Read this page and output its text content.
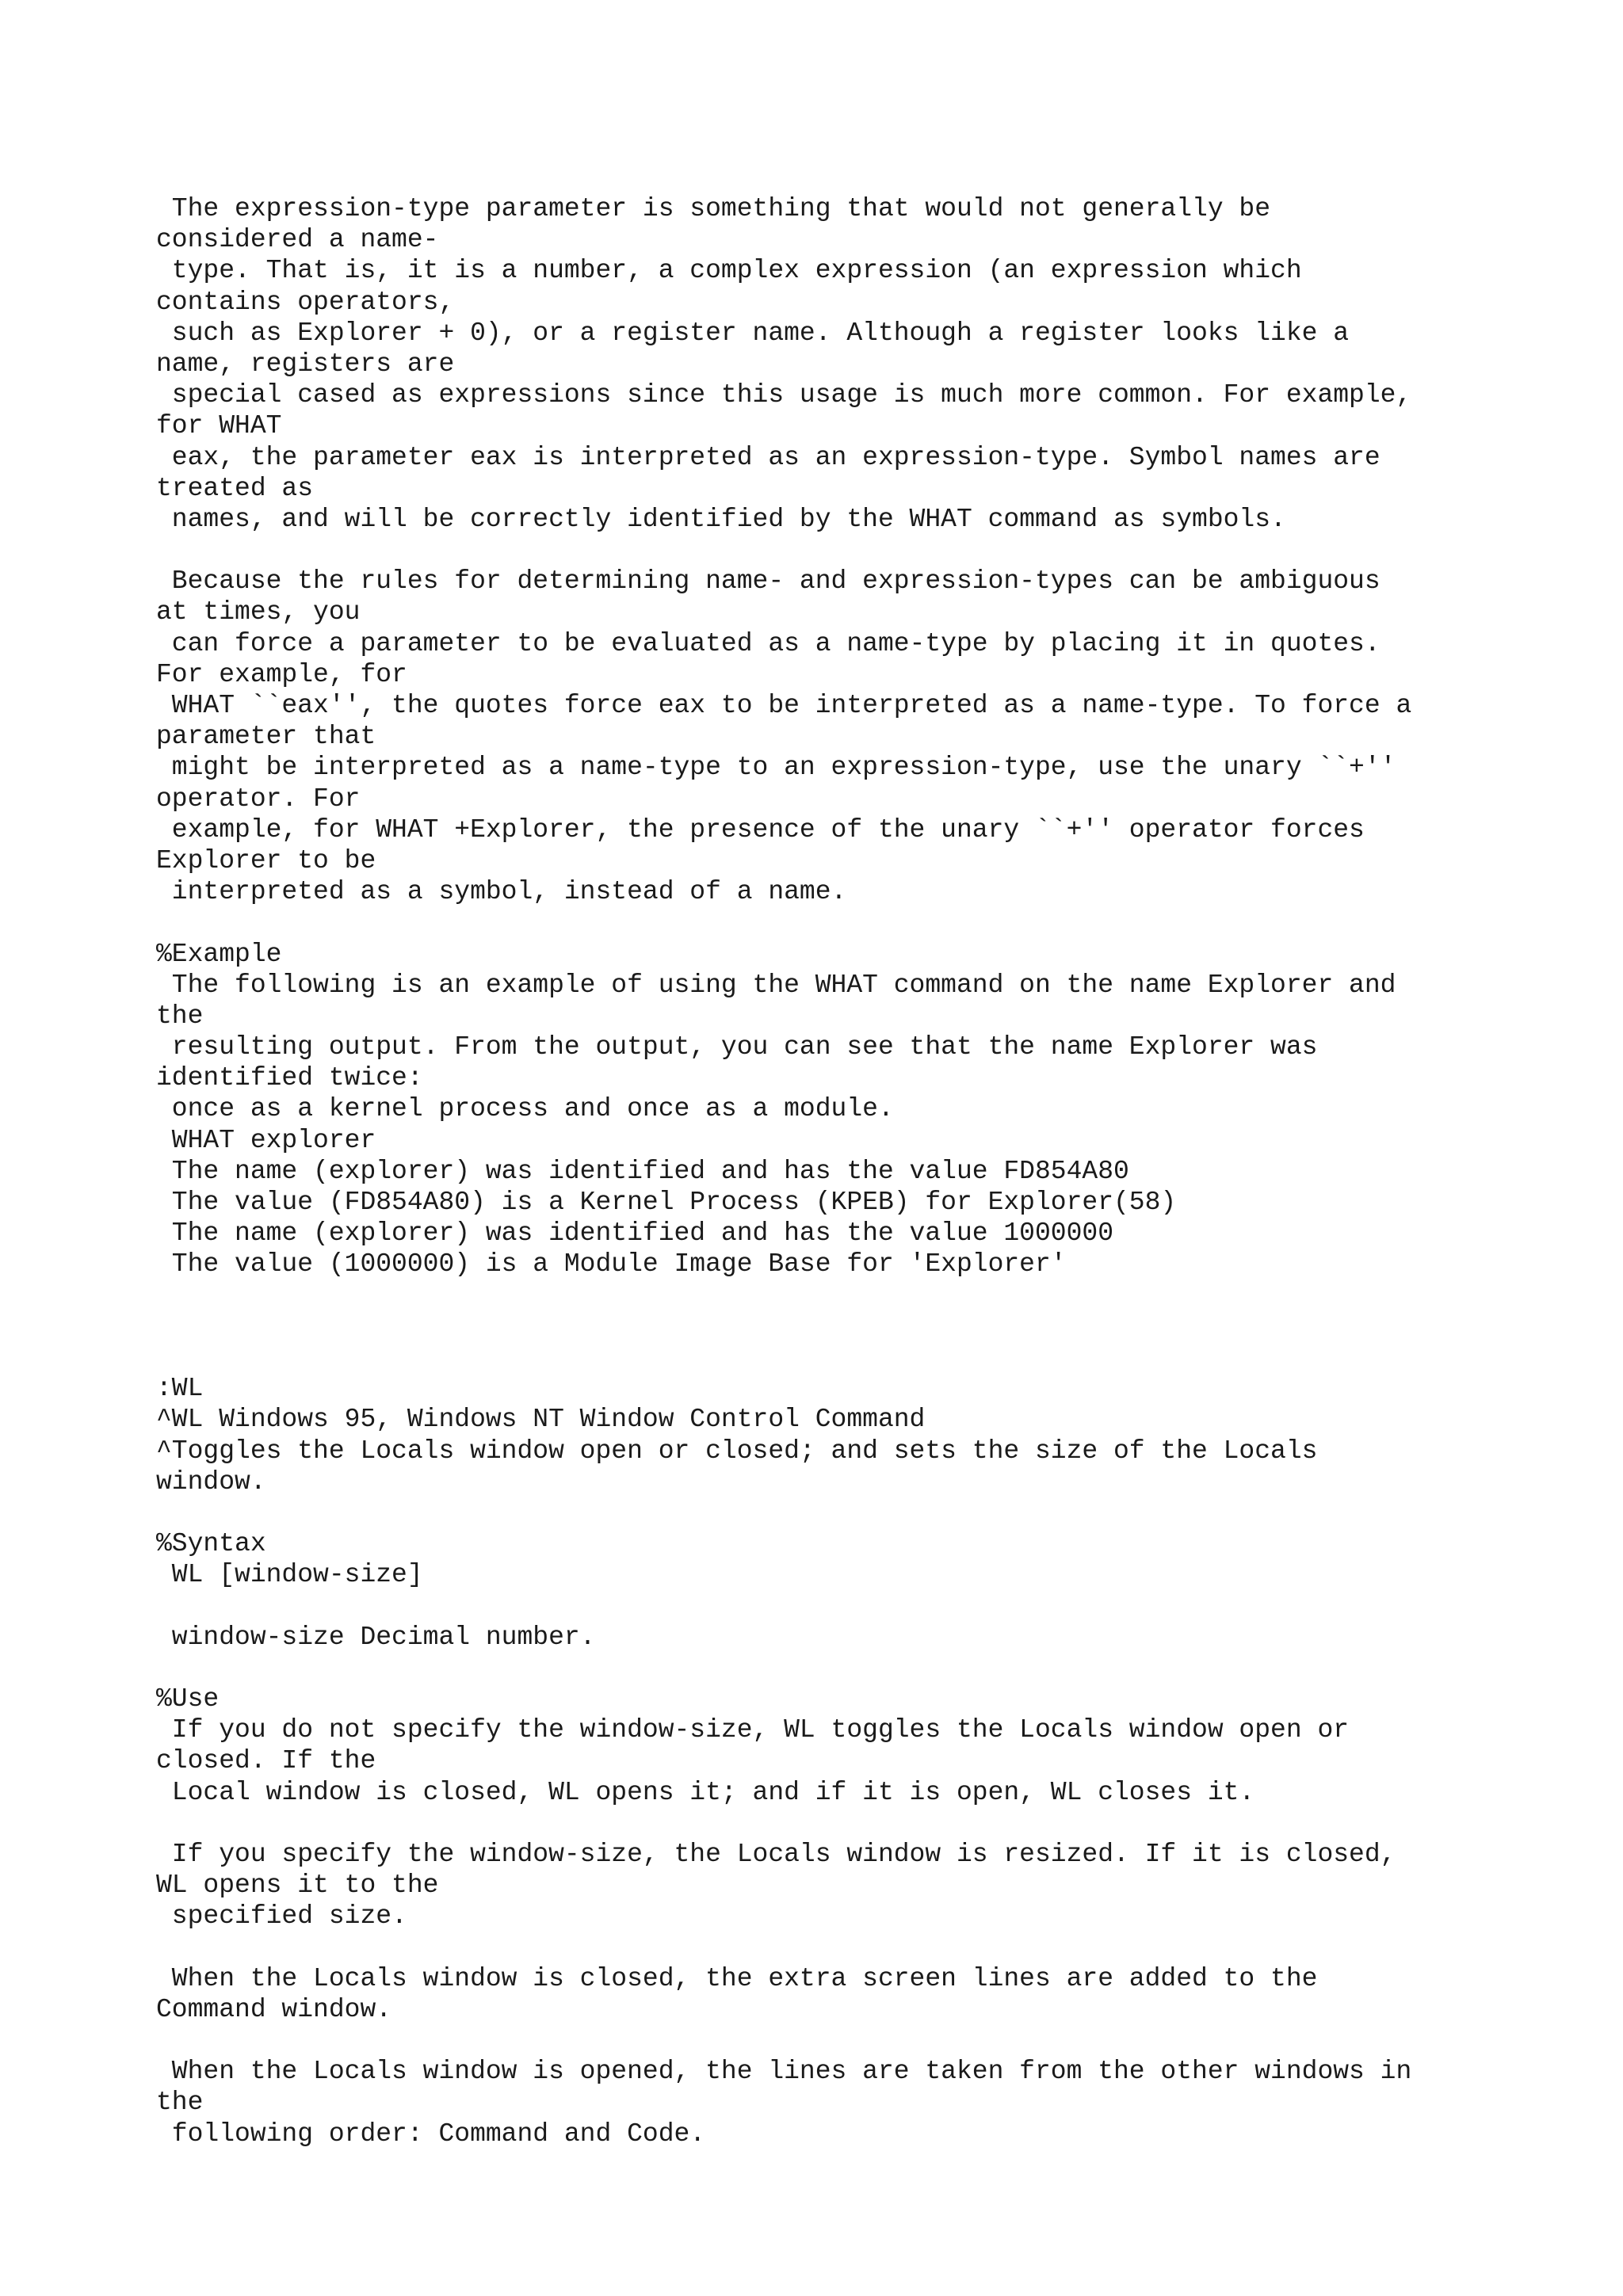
The expression-type parameter is something that would not generally be
considered a name-
type. That is, it is a number, a complex expression (an expression which
contains operators,
such as Explorer + 0), or a register name. Although a register looks like a
name, registers are
special cased as expressions since this usage is much more common. For example,
for WHAT
eax, the parameter eax is interpreted as an expression-type. Symbol names are
treated as
names, and will be correctly identified by the WHAT command as symbols.
Because the rules for determining name- and expression-types can be ambiguous
at times, you
can force a parameter to be evaluated as a name-type by placing it in quotes.
For example, for
WHAT ``eax'', the quotes force eax to be interpreted as a name-type. To force a
parameter that
might be interpreted as a name-type to an expression-type, use the unary ``+''
operator. For
example, for WHAT +Explorer, the presence of the unary ``+'' operator forces
Explorer to be
interpreted as a symbol, instead of a name.
%Example
The following is an example of using the WHAT command on the name Explorer and
the
resulting output. From the output, you can see that the name Explorer was
identified twice:
once as a kernel process and once as a module.
WHAT explorer
The name (explorer) was identified and has the value FD854A80
The value (FD854A80) is a Kernel Process (KPEB) for Explorer(58)
The name (explorer) was identified and has the value 1000000
The value (1000000) is a Module Image Base for 'Explorer'
:WL
^WL Windows 95, Windows NT Window Control Command
^Toggles the Locals window open or closed; and sets the size of the Locals
window.
%Syntax
WL [window-size]
window-size Decimal number.
%Use
If you do not specify the window-size, WL toggles the Locals window open or
closed. If the
Local window is closed, WL opens it; and if it is open, WL closes it.
If you specify the window-size, the Locals window is resized. If it is closed,
WL opens it to the
specified size.
When the Locals window is closed, the extra screen lines are added to the
Command window.
When the Locals window is opened, the lines are taken from the other windows in
the
following order: Command and Code.
